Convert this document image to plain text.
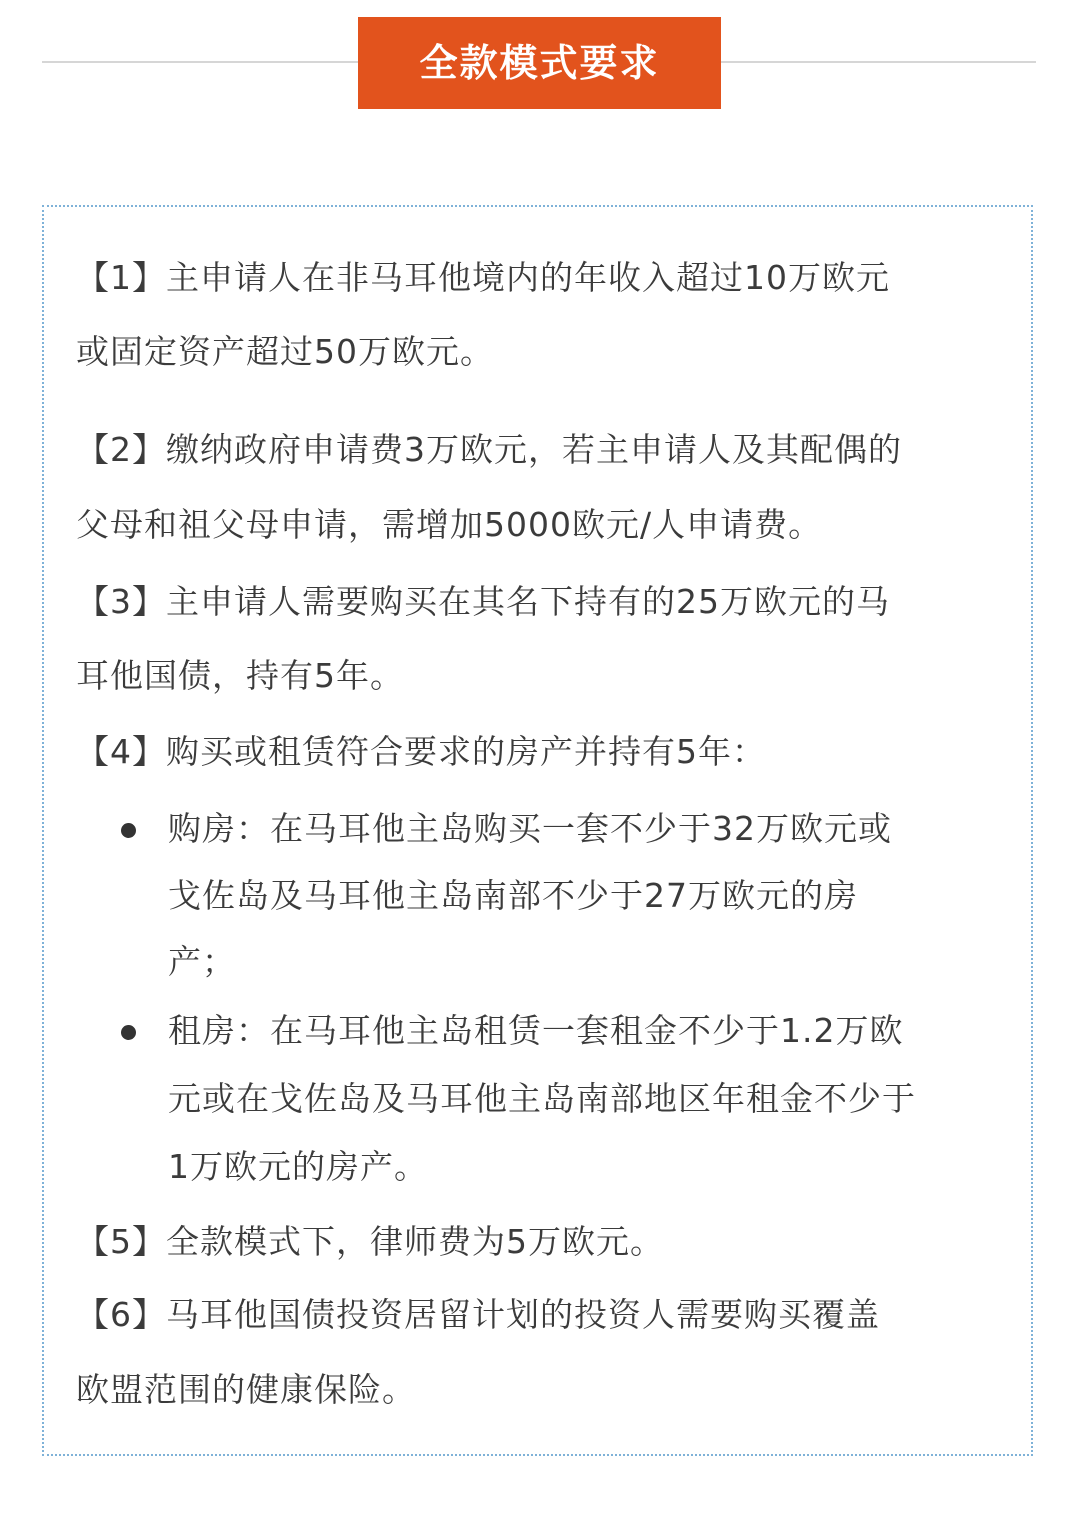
全款模式要求
【1】主申请人在非马耳他境内的年收入超过10万欧元
或固定资产超过50万欧元。
【2】缴纳政府申请费3万欧元，若主申请人及其配偶的
父母和祖父母申请，需增加5000欧元/人申请费。
【3】主申请人需要购买在其名下持有的25万欧元的马
耳他国债，持有5年。
【4】购买或租赁符合要求的房产并持有5年：
购房：在马耳他主岛购买一套不少于32万欧元或
戈佐岛及马耳他主岛南部不少于27万欧元的房
产；
租房：在马耳他主岛租赁一套租金不少于1.2万欧
元或在戈佐岛及马耳他主岛南部地区年租金不少于
1万欧元的房产。
【5】全款模式下，律师费为5万欧元。
【6】马耳他国债投资居留计划的投资人需要购买覆盖
欧盟范围的健康保险。
